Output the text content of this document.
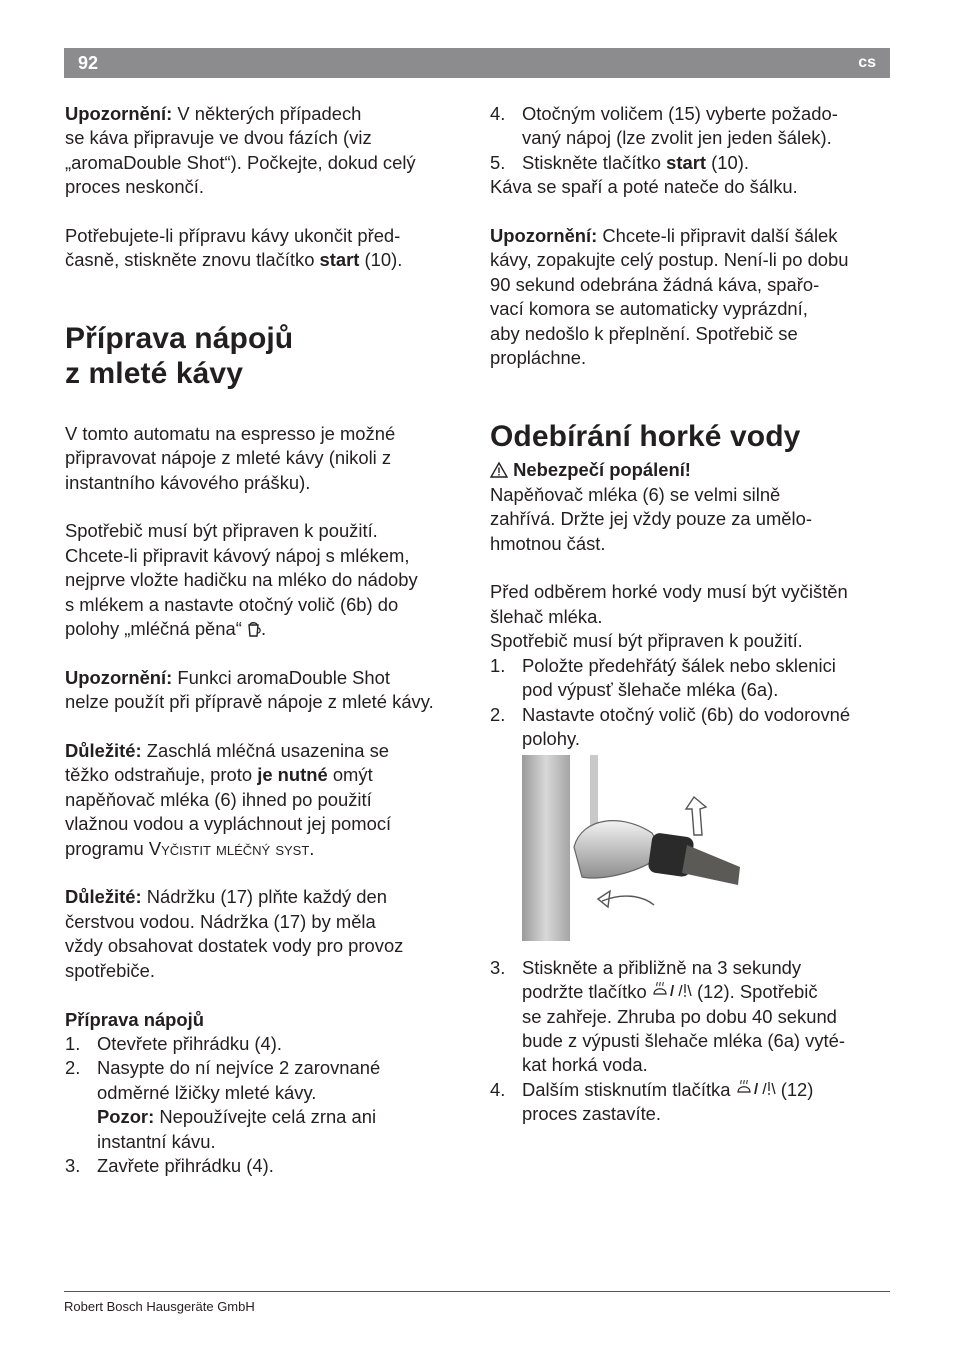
92	cs

Upozornění: V některých případech

se káva připravuje ve dvou fázích (viz

„aromaDouble Shot“). Počkejte, dokud celý

proces neskončí.

Potřebujete-li přípravu kávy ukončit před-

časně, stiskněte znovu tlačítko start (10).

Příprava nápojů
z mleté kávy

V tomto automatu na espresso je možné

připravovat nápoje z mleté kávy (nikoli z

instantního kávového prášku).

Spotřebič musí být připraven k použití.

Chcete-li připravit kávový nápoj s mlékem,

nejprve vložte hadičku na mléko do nádoby

s mlékem a nastavte otočný volič (6b) do

polohy „mléčná pěna“ .

Upozornění: Funkci aromaDouble Shot

nelze použít při přípravě nápoje z mleté kávy.

Důležité: Zaschlá mléčná usazenina se

těžko odstraňuje, proto je nutné omýt

napěňovač mléka (6) ihned po použití

vlažnou vodou a vypláchnout jej pomocí

programu Vyčistit mléčný syst.

Důležité: Nádržku (17) plňte každý den

čerstvou vodou. Nádržka (17) by měla

vždy obsahovat dostatek vody pro provoz

spotřebiče.

Příprava nápojů

1. Otevřete přihrádku (4).
2. Nasypte do ní nejvíce 2 zarovnané
odměrné lžičky mleté kávy.
Pozor: Nepoužívejte celá zrna ani
instantní kávu.
3. Zavřete přihrádku (4).
4. Otočným voličem (15) vyberte požado-
vaný nápoj (lze zvolit jen jeden šálek).
5. Stiskněte tlačítko start (10).

Káva se spaří a poté nateče do šálku.

Upozornění: Chcete-li připravit další šálek

kávy, zopakujte celý postup. Není-li po dobu

90 sekund odebrána žádná káva, spařo-

vací komora se automaticky vyprázdní,

aby nedošlo k přeplnění. Spotřebič se

propláchne.

Odebírání horké vody

Nebezpečí popálení!

Napěňovač mléka (6) se velmi silně

zahřívá. Držte jej vždy pouze za umělo-

hmotnou část.

Před odběrem horké vody musí být vyčištěn

šlehač mléka.

Spotřebič musí být připraven k použití.

1. Položte předehřátý šálek nebo sklenici
pod výpusť šlehače mléka (6a).
2. Nastavte otočný volič (6b) do vodorovné
polohy.
3. Stiskněte a přibližně na 3 sekundy
podržte tlačítko / (12). Spotřebič
se zahřeje. Zhruba po dobu 40 sekund
bude z výpusti šlehače mléka (6a) vyté-
kat horká voda.
4. Dalším stisknutím tlačítka / (12)
proces zastavíte.
Robert Bosch Hausgeräte GmbH
